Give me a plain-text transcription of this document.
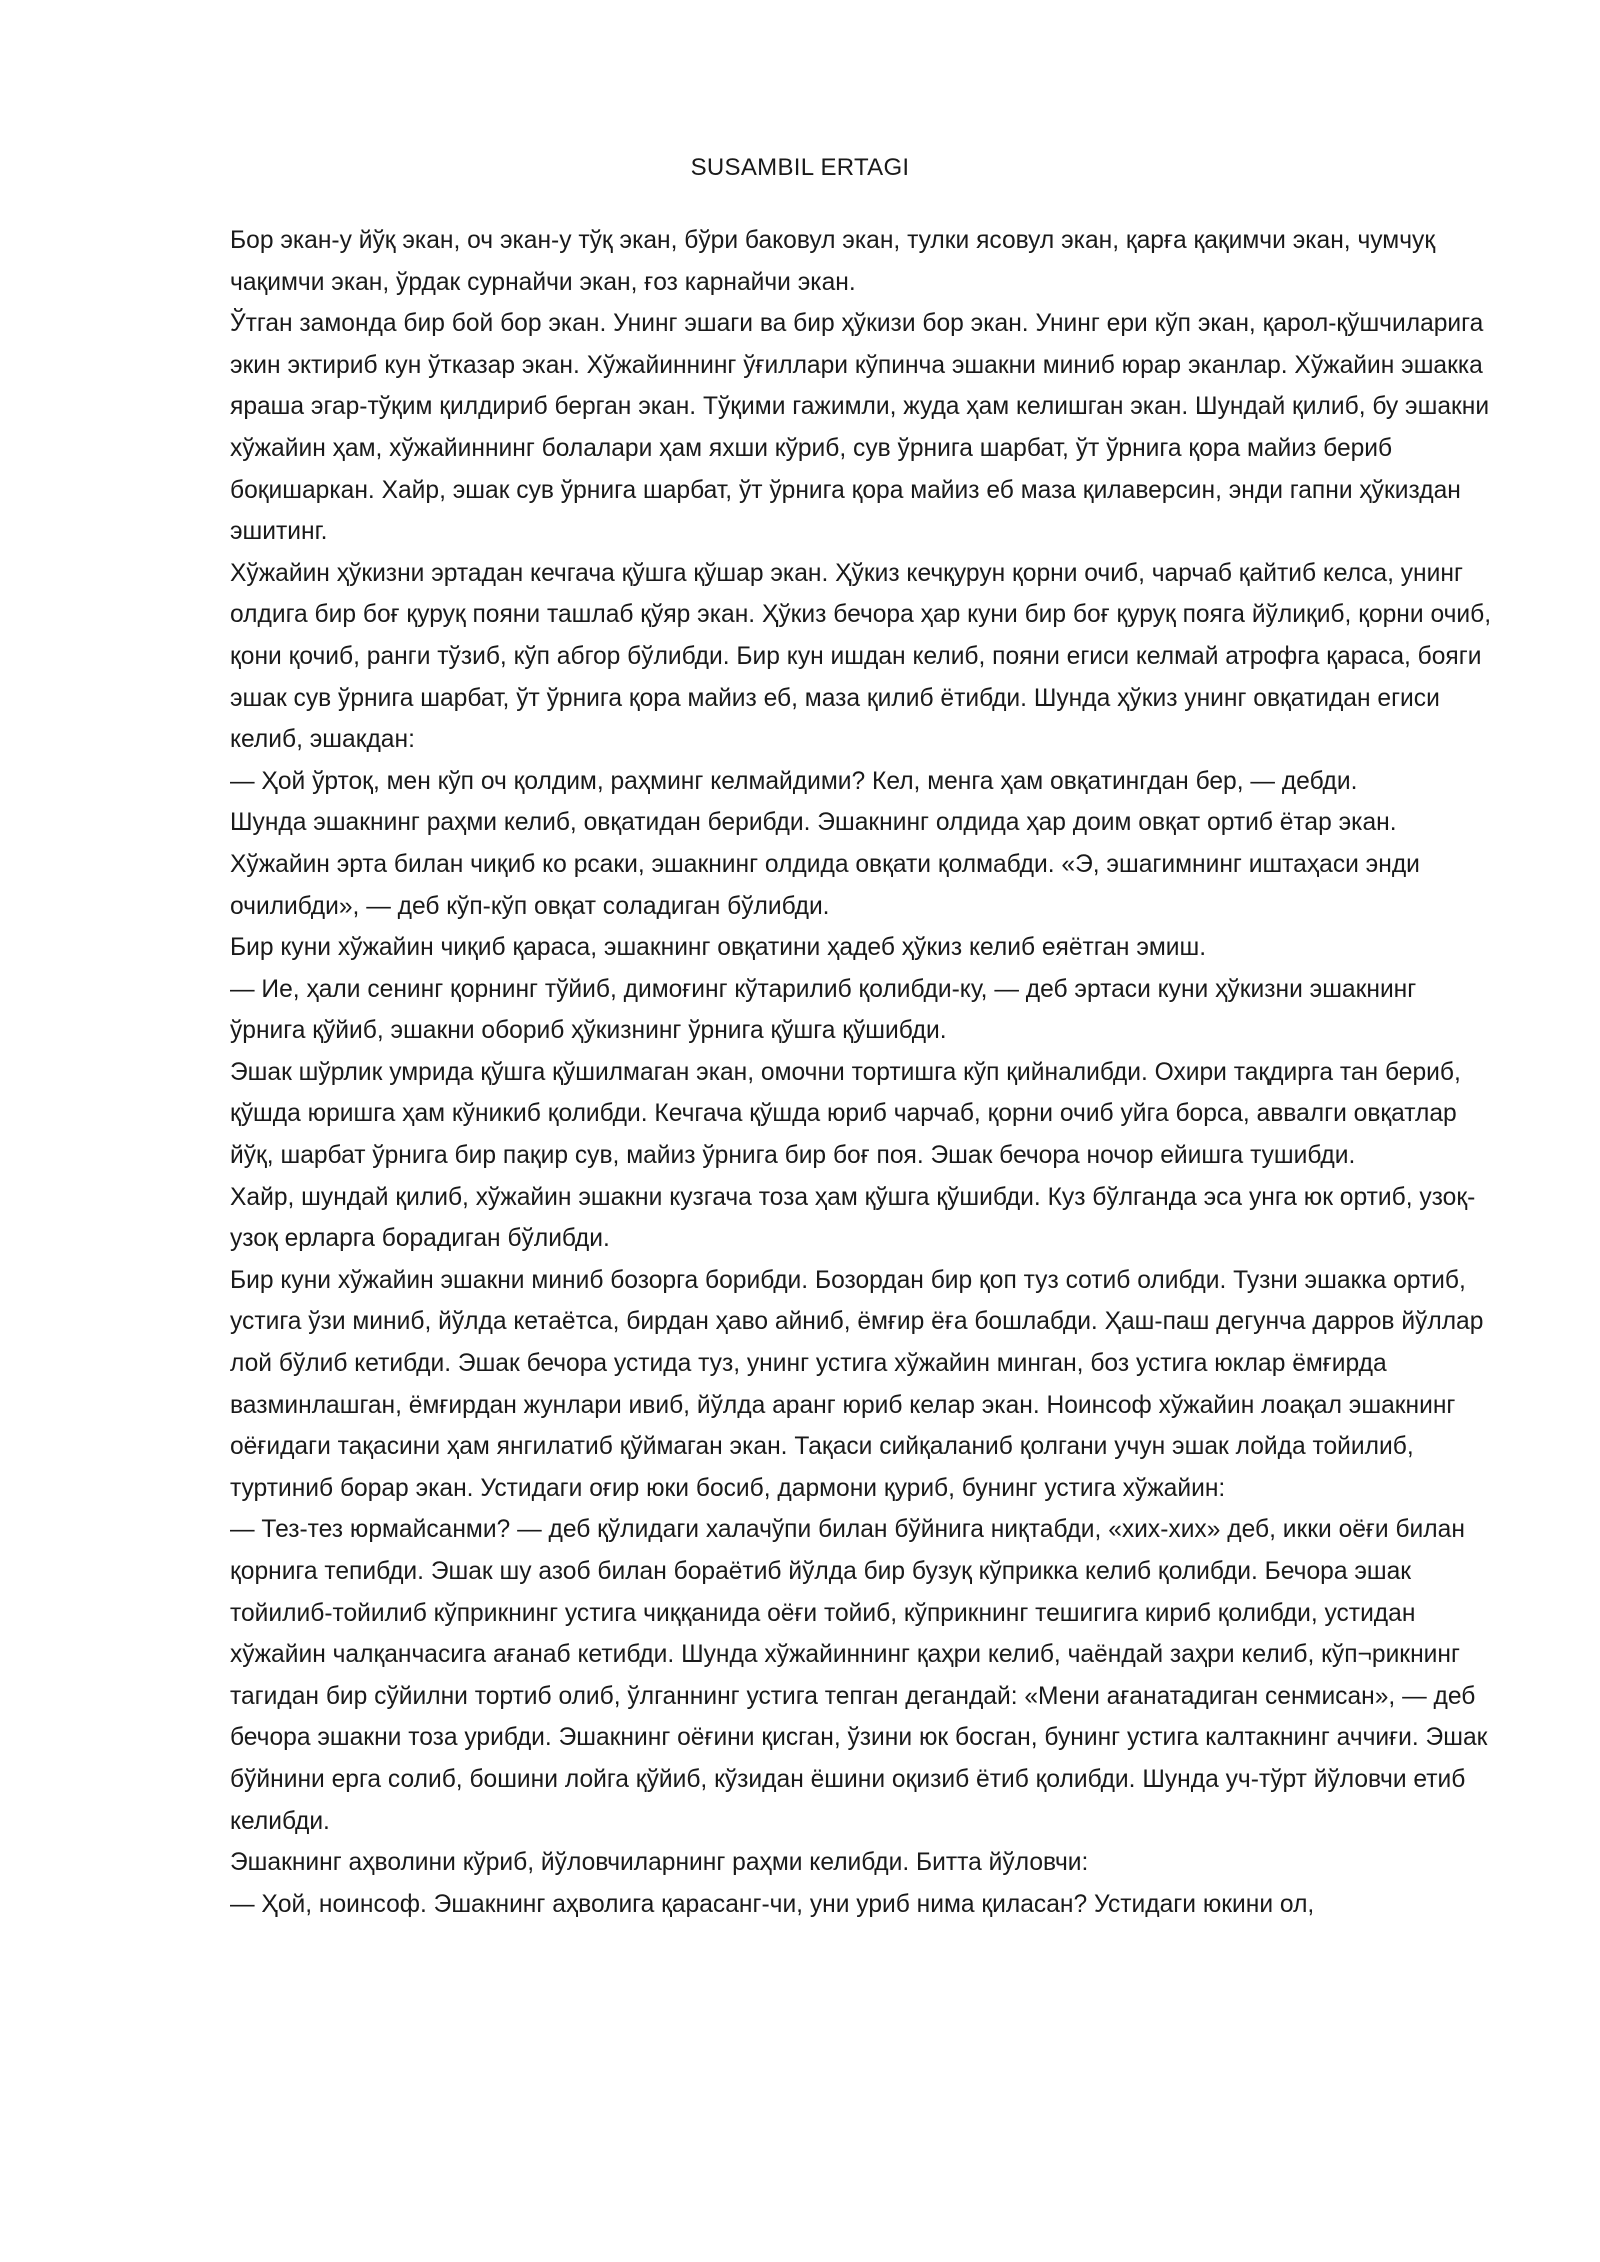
SUSAMBIL ERTAGI

Бор экан-у йўқ экан, оч экан-у тўқ экан, бўри баковул экан, тулки ясовул экан, қарға қақимчи экан, чумчуқ чақимчи экан, ўрдак сурнайчи экан, ғоз карнайчи экан.

Ўтган замонда бир бой бор экан. Унинг эшаги ва бир ҳўкизи бор экан. Унинг ери кўп экан, қарол-қўшчиларига экин эктириб кун ўтказар экан. Хўжайиннинг ўғиллари кўпинча эшакни миниб юрар эканлар. Хўжайин эшакка яраша эгар-тўқим қилдириб берган экан. Тўқими гажимли, жуда ҳам келишган экан. Шундай қилиб, бу эшакни хўжайин ҳам, хўжайиннинг болалари ҳам яхши кўриб, сув ўрнига шарбат, ўт ўрнига қора майиз бериб боқишаркан. Хайр, эшак сув ўрнига шарбат, ўт ўрнига қора майиз еб маза қилаверсин, энди гапни ҳўкиздан эшитинг.

Хўжайин ҳўкизни эртадан кечгача қўшга қўшар экан. Ҳўкиз кечқурун қорни очиб, чарчаб қайтиб келса, унинг олдига бир боғ қуруқ пояни ташлаб қўяр экан. Ҳўкиз бечора ҳар куни бир боғ қуруқ пояга йўлиқиб, қорни очиб, қони қочиб, ранги тўзиб, кўп абгор бўлибди. Бир кун ишдан келиб, пояни егиси келмай атрофга қараса, бояги эшак сув ўрнига шарбат, ўт ўрнига қора майиз еб, маза қилиб ётибди. Шунда ҳўкиз унинг овқатидан егиси келиб, эшакдан:

— Ҳой ўртоқ, мен кўп оч қолдим, раҳминг келмайдими? Кел, менга ҳам овқатингдан бер, — дебди.

Шунда эшакнинг раҳми келиб, овқатидан берибди. Эшакнинг олдида ҳар доим овқат ортиб ётар экан. Хўжайин эрта билан чиқиб ко рсаки, эшакнинг олдида овқати қолмабди. «Э, эшагимнинг иштаҳаси энди очилибди», — деб кўп-кўп овқат соладиган бўлибди.

Бир куни хўжайин чиқиб қараса, эшакнинг овқатини ҳадеб ҳўкиз келиб еяётган эмиш.

— Ие, ҳали сенинг қорнинг тўйиб, димоғинг кўтарилиб қолибди-ку, — деб эртаси куни ҳўкизни эшакнинг ўрнига қўйиб, эшакни обориб ҳўкизнинг ўрнига қўшга қўшибди.

Эшак шўрлик умрида қўшга қўшилмаган экан, омочни тортишга кўп қийналибди. Охири тақдирга тан бериб, қўшда юришга ҳам кўникиб қолибди. Кечгача қўшда юриб чарчаб, қорни очиб уйга борса, аввалги овқатлар йўқ, шарбат ўрнига бир пақир сув, майиз ўрнига бир боғ поя. Эшак бечора ночор ейишга тушибди.

Хайр, шундай қилиб, хўжайин эшакни кузгача тоза ҳам қўшга қўшибди. Куз бўлганда эса унга юк ортиб, узоқ-узоқ ерларга борадиган бўлибди.

Бир куни хўжайин эшакни миниб бозорга борибди. Бозордан бир қоп туз сотиб олибди. Тузни эшакка ортиб, устига ўзи миниб, йўлда кетаётса, бирдан ҳаво айниб, ёмғир ёға бошлабди. Ҳаш-паш дегунча дарров йўллар лой бўлиб кетибди. Эшак бечора устида туз, унинг устига хўжайин минган, боз устига юклар ёмғирда вазминлашган, ёмғирдан жунлари ивиб, йўлда аранг юриб келар экан. Ноинсоф хўжайин лоақал эшакнинг оёғидаги тақасини ҳам янгилатиб қўймаган экан. Тақаси сийқаланиб қолгани учун эшак лойда тойилиб, туртиниб борар экан. Устидаги оғир юки босиб, дармони қуриб, бунинг устига хўжайин:

— Тез-тез юрмайсанми? — деб қўлидаги халачўпи билан бўйнига ниқтабди, «хих-хих» деб, икки оёғи билан қорнига тепибди. Эшак шу азоб билан бораётиб йўлда бир бузуқ кўприкка келиб қолибди. Бечора эшак тойилиб-тойилиб кўприкнинг устига чиққанида оёғи тойиб, кўприкнинг тешигига кириб қолибди, устидан хўжайин чалқанчасига ағанаб кетибди. Шунда хўжайиннинг қаҳри келиб, чаёндай заҳри келиб, кўп¬рикнинг тагидан бир сўйилни тортиб олиб, ўлганнинг устига тепган дегандай: «Мени ағанатадиган сенмисан», — деб бечора эшакни тоза урибди. Эшакнинг оёғини қисган, ўзини юк босган, бунинг устига калтакнинг аччиғи. Эшак бўйнини ерга солиб, бошини лойга қўйиб, кўзидан ёшини оқизиб ётиб қолибди. Шунда уч-тўрт йўловчи етиб келибди.

Эшакнинг аҳволини кўриб, йўловчиларнинг раҳми келибди. Битта йўловчи:

— Ҳой, ноинсоф. Эшакнинг аҳволига қарасанг-чи, уни уриб нима қиласан? Устидаги юкини ол,
